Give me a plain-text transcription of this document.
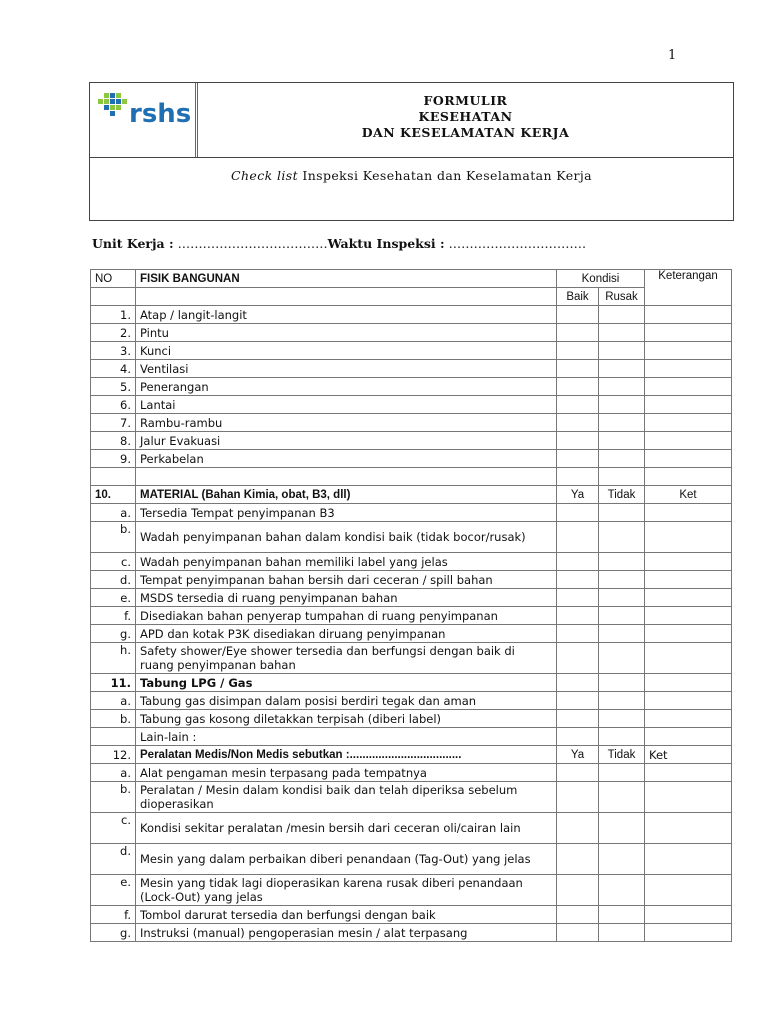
1
rshs	FORMULIR
KESEHATAN
DAN KESELAMATAN KERJA
Check list Inspeksi Kesehatan dan Keselamatan Kerja
Unit Kerja : ………………………………Waktu Inspeksi : ……………………………
NO	FISIK BANGUNAN	Kondisi		Keterangan
		Baik	Rusak	
1.	Atap / langit-langit			
2.	Pintu			
3.	Kunci			
4.	Ventilasi			
5.	Penerangan			
6.	Lantai			
7.	Rambu-rambu			
8.	Jalur Evakuasi			
9.	Perkabelan			

10.	MATERIAL (Bahan Kimia, obat, B3, dll)	Ya	Tidak	Ket
a.	Tersedia Tempat penyimpanan B3			
b.	Wadah penyimpanan bahan dalam kondisi baik (tidak bocor/rusak)			
c.	Wadah penyimpanan bahan memiliki label yang jelas			
d.	Tempat penyimpanan bahan bersih dari ceceran / spill bahan			
e.	MSDS tersedia di ruang penyimpanan bahan			
f.	Disediakan bahan penyerap tumpahan di ruang penyimpanan			
g.	APD dan kotak P3K disediakan diruang penyimpanan			
h.	Safety shower/Eye shower tersedia dan berfungsi dengan baik di ruang penyimpanan bahan			
11.	Tabung LPG / Gas			
a.	Tabung gas disimpan dalam posisi berdiri tegak dan aman			
b.	Tabung gas kosong diletakkan terpisah (diberi label)			
	Lain-lain :			
12.	Peralatan Medis/Non Medis sebutkan :...................................	Ya	Tidak	Ket
a.	Alat pengaman mesin terpasang pada tempatnya			
b.	Peralatan / Mesin dalam kondisi baik dan telah diperiksa sebelum dioperasikan			
c.	Kondisi sekitar peralatan /mesin bersih dari ceceran oli/cairan lain			
d.	Mesin yang dalam perbaikan diberi penandaan (Tag-Out) yang jelas			
e.	Mesin yang tidak lagi dioperasikan karena rusak diberi penandaan (Lock-Out) yang jelas			
f.	Tombol darurat tersedia dan berfungsi dengan baik			
g.	Instruksi (manual) pengoperasian mesin / alat terpasang			
